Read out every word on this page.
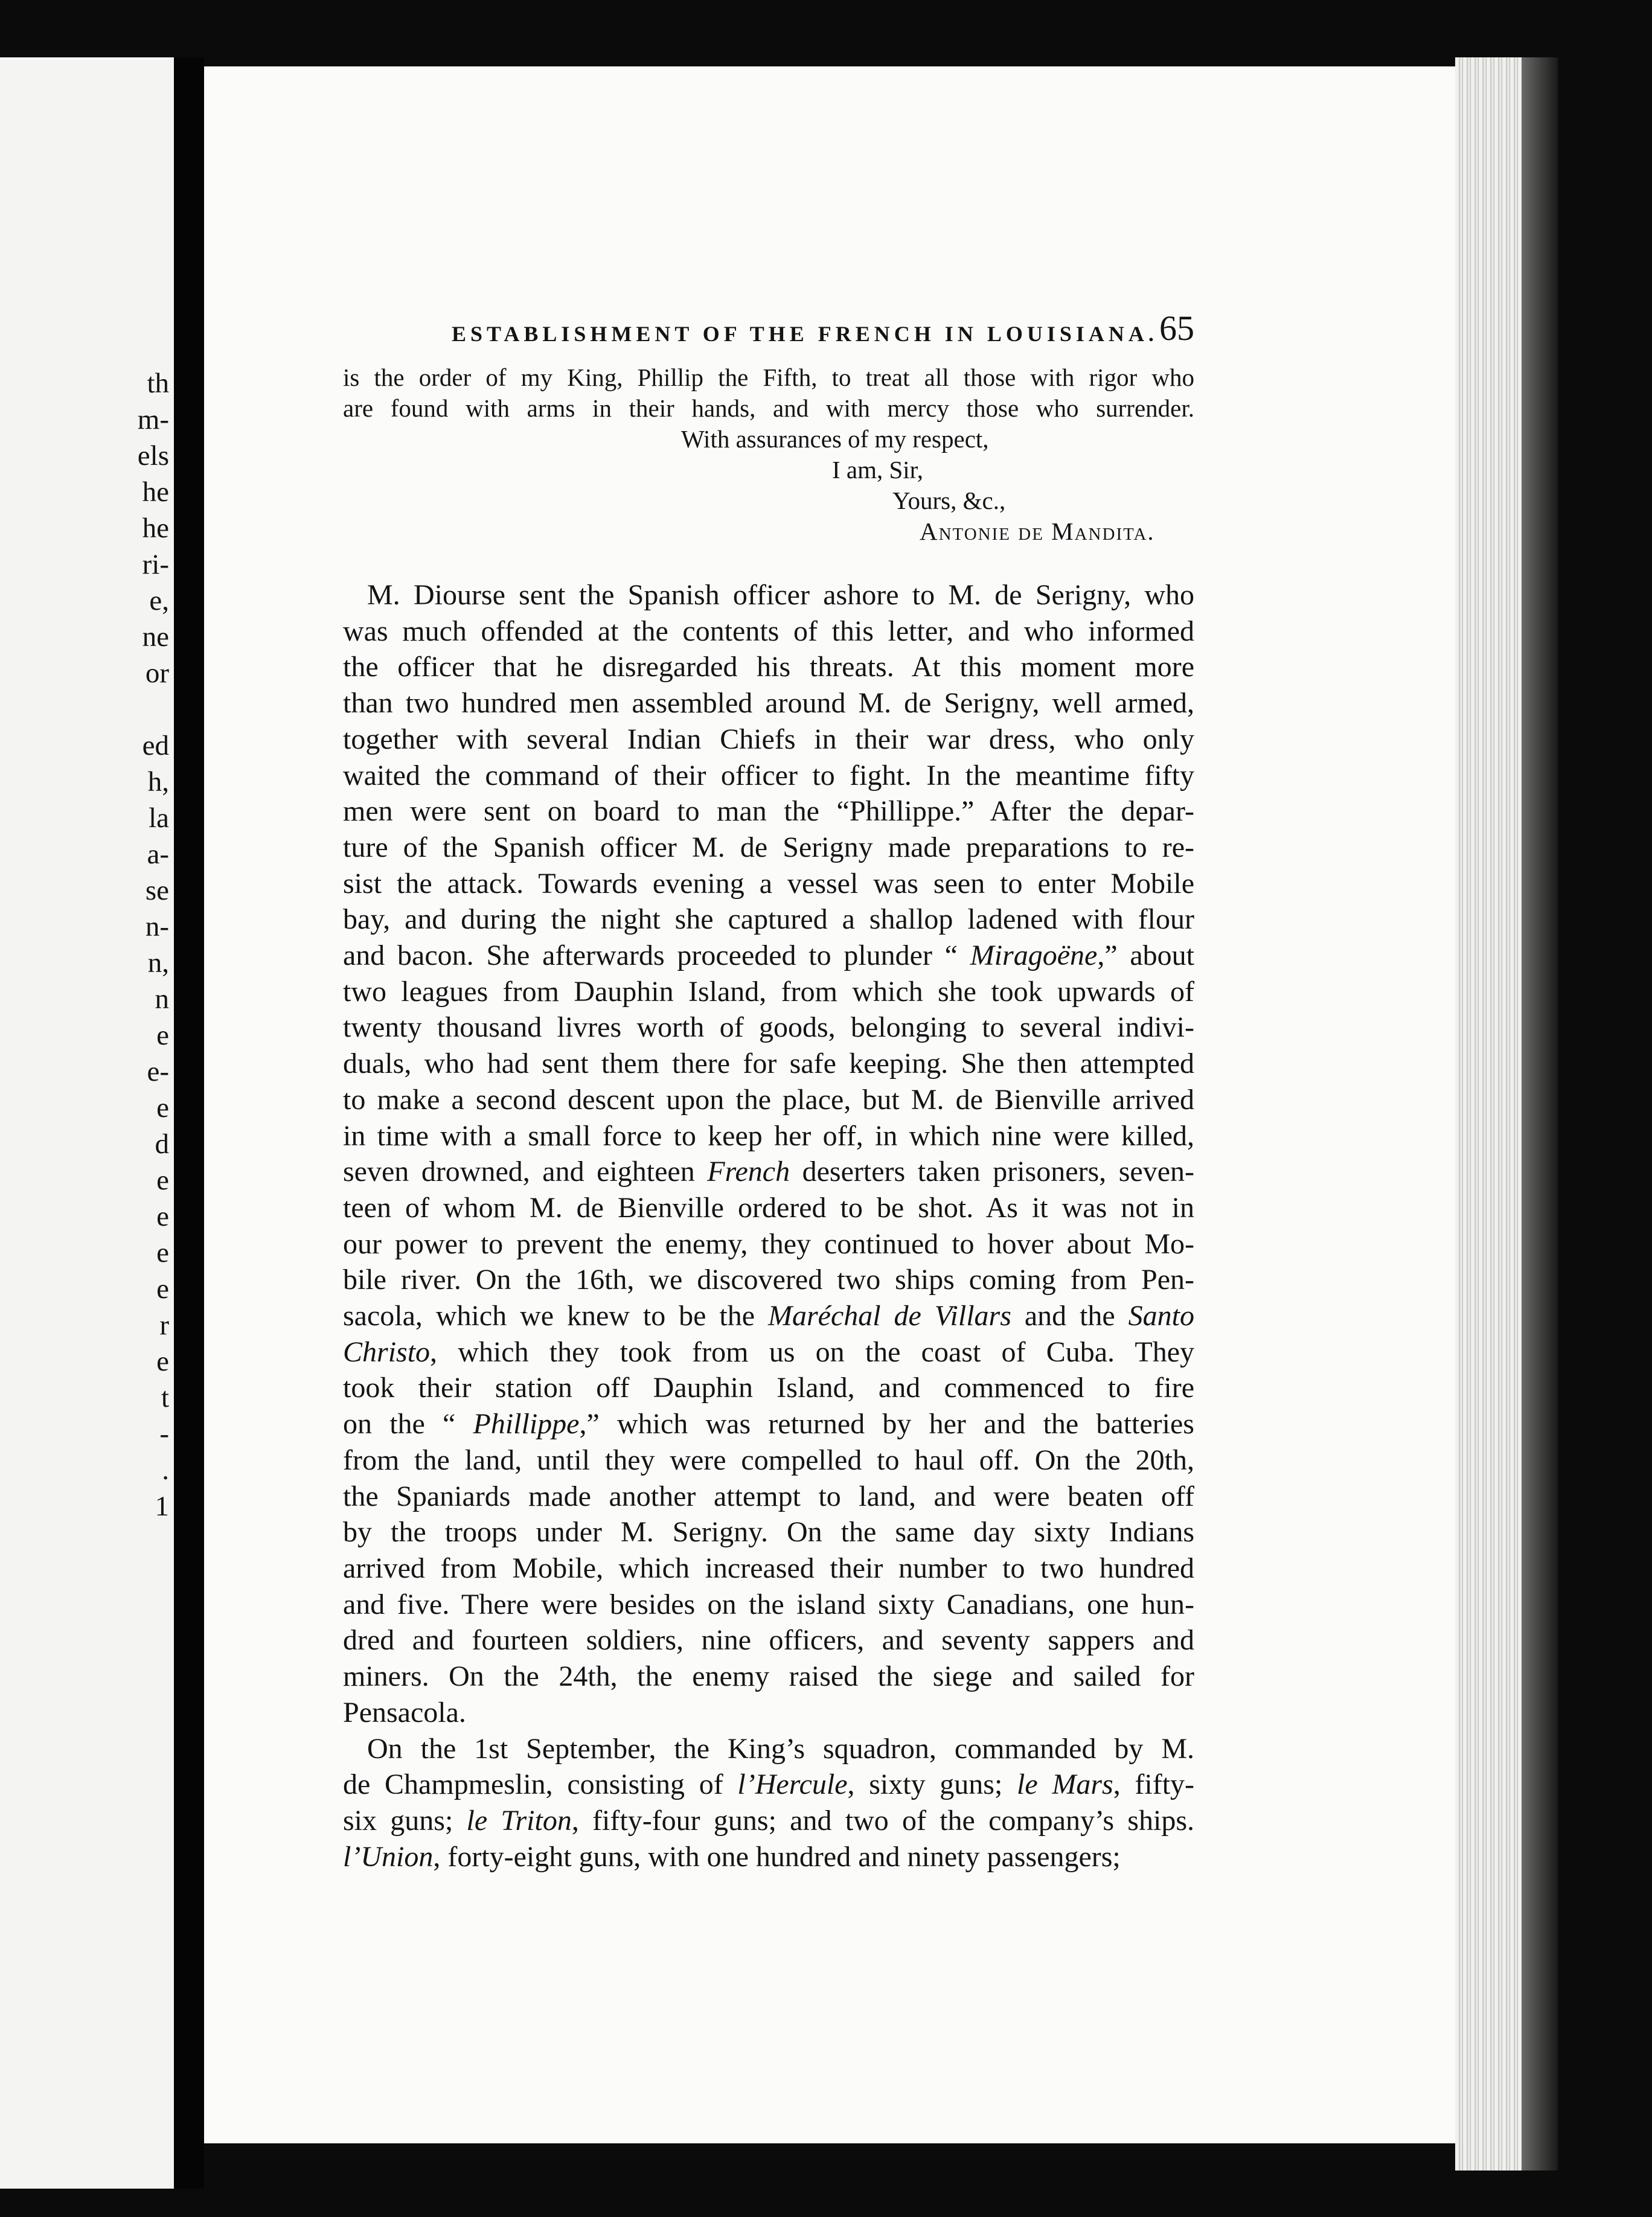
th
m-
els
he
he
ri-
e,
ne
or

ed
h,
la
a-
se
n-
n,
n
e
e-
e
d
e
e
e
e
r
e
t
-
.
1
ESTABLISHMENT OF THE FRENCH IN LOUISIANA. 65
is the order of my King, Phillip the Fifth, to treat all those with rigor who
are found with arms in their hands, and with mercy those who surrender.
With assurances of my respect,
I am, Sir,
Yours, &c.,
Antonie de Mandita.

M. Diourse sent the Spanish officer ashore to M. de Serigny, who
was much offended at the contents of this letter, and who informed
the officer that he disregarded his threats. At this moment more
than two hundred men assembled around M. de Serigny, well armed,
together with several Indian Chiefs in their war dress, who only
waited the command of their officer to fight. In the meantime fifty
men were sent on board to man the “Phillippe.” After the depar-
ture of the Spanish officer M. de Serigny made preparations to re-
sist the attack. Towards evening a vessel was seen to enter Mobile
bay, and during the night she captured a shallop ladened with flour
and bacon. She afterwards proceeded to plunder “ Miragoëne,” about
two leagues from Dauphin Island, from which she took upwards of
twenty thousand livres worth of goods, belonging to several indivi-
duals, who had sent them there for safe keeping. She then attempted
to make a second descent upon the place, but M. de Bienville arrived
in time with a small force to keep her off, in which nine were killed,
seven drowned, and eighteen French deserters taken prisoners, seven-
teen of whom M. de Bienville ordered to be shot. As it was not in
our power to prevent the enemy, they continued to hover about Mo-
bile river. On the 16th, we discovered two ships coming from Pen-
sacola, which we knew to be the Maréchal de Villars and the Santo
Christo, which they took from us on the coast of Cuba. They
took their station off Dauphin Island, and commenced to fire
on the “ Phillippe,” which was returned by her and the batteries
from the land, until they were compelled to haul off. On the 20th,
the Spaniards made another attempt to land, and were beaten off
by the troops under M. Serigny. On the same day sixty Indians
arrived from Mobile, which increased their number to two hundred
and five. There were besides on the island sixty Canadians, one hun-
dred and fourteen soldiers, nine officers, and seventy sappers and
miners. On the 24th, the enemy raised the siege and sailed for
Pensacola.

On the 1st September, the King’s squadron, commanded by M.
de Champmeslin, consisting of l’Hercule, sixty guns; le Mars, fifty-
six guns; le Triton, fifty-four guns; and two of the company’s ships.
l’Union, forty-eight guns, with one hundred and ninety passengers;
